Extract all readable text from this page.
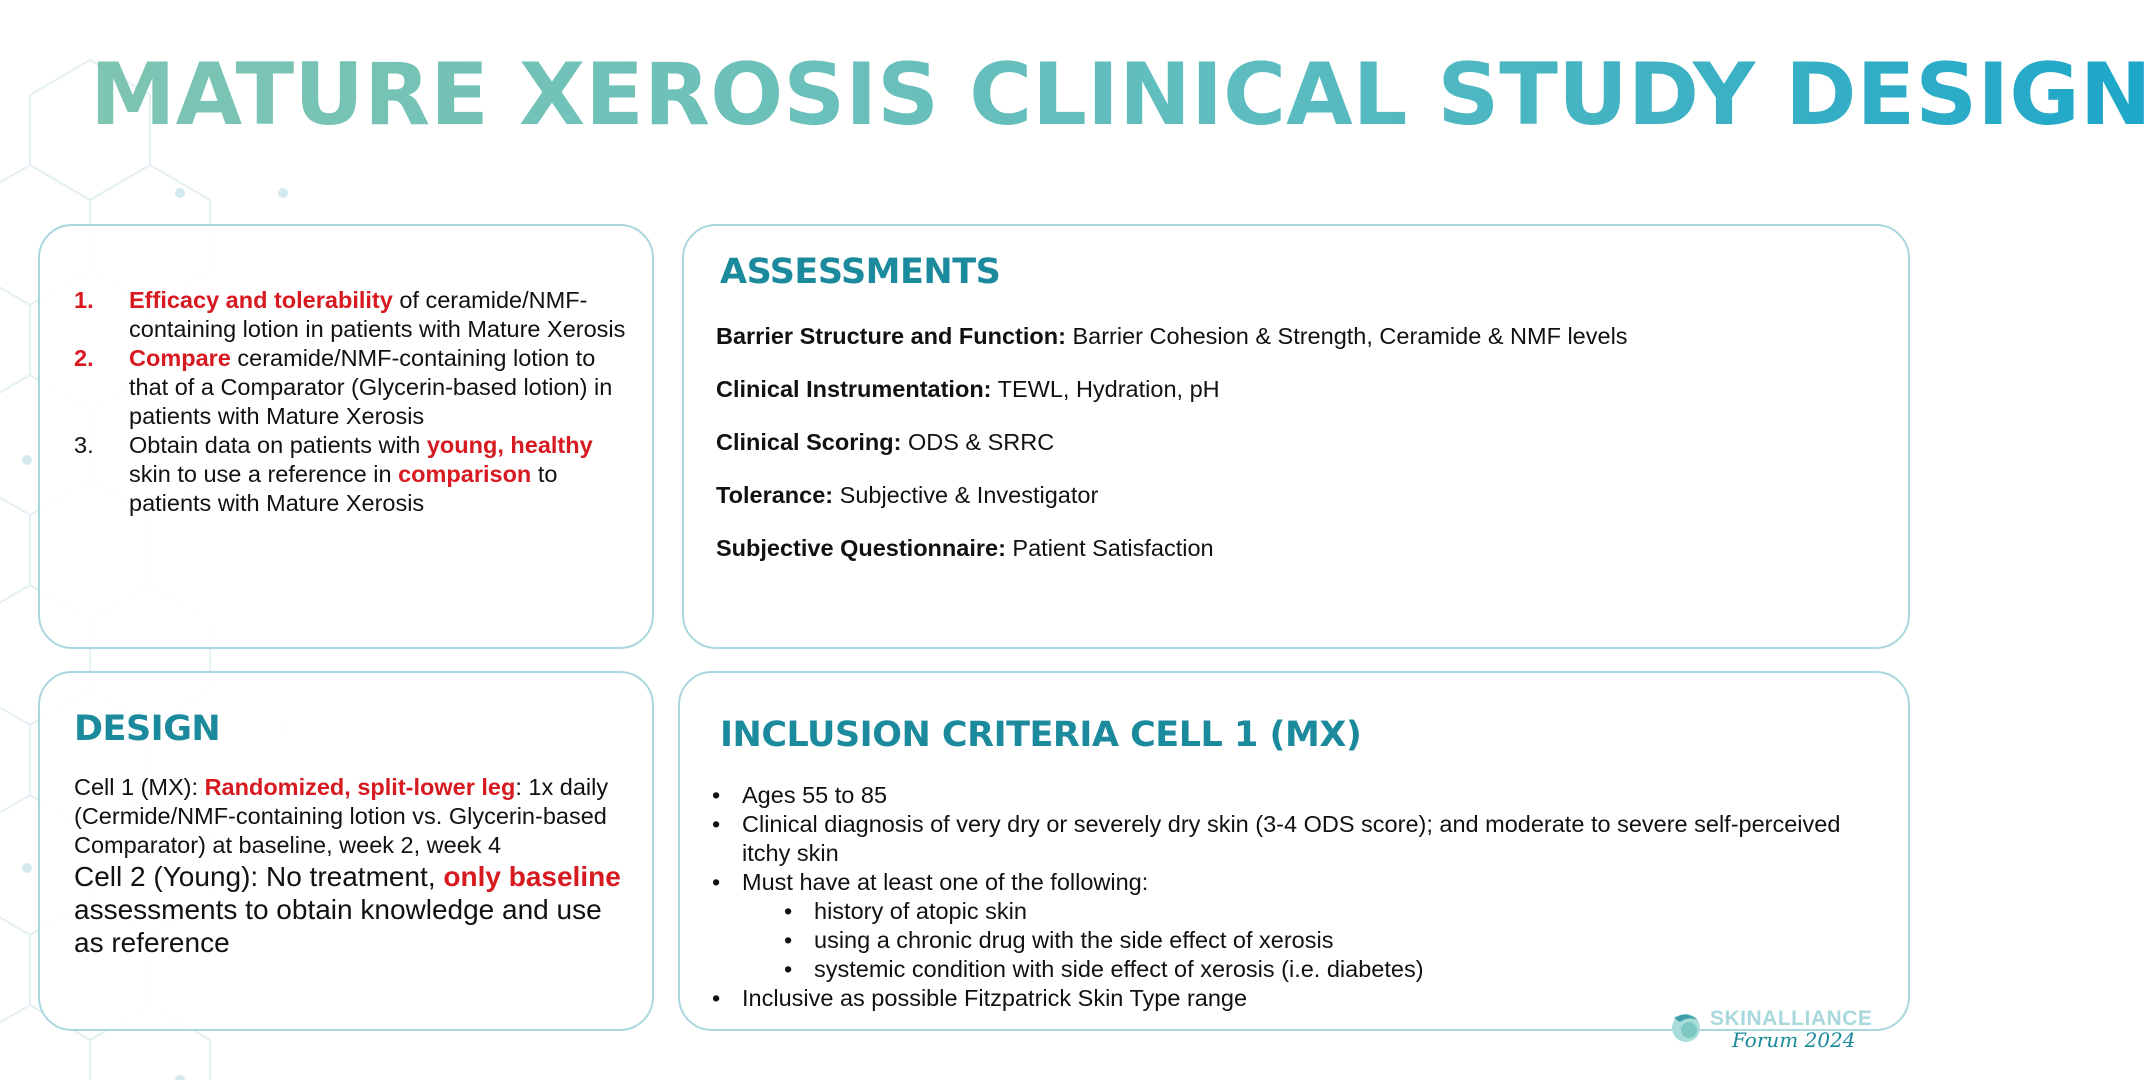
MATURE XEROSIS CLINICAL STUDY DESIGN
1. Efficacy and tolerability of ceramide/NMF-containing lotion in patients with Mature Xerosis
2. Compare ceramide/NMF-containing lotion to that of a Comparator (Glycerin-based lotion) in patients with Mature Xerosis
3. Obtain data on patients with young, healthy skin to use a reference in comparison to patients with Mature Xerosis
ASSESSMENTS
Barrier Structure and Function: Barrier Cohesion & Strength, Ceramide & NMF levels
Clinical Instrumentation: TEWL, Hydration, pH
Clinical Scoring: ODS & SRRC
Tolerance: Subjective & Investigator
Subjective Questionnaire: Patient Satisfaction
DESIGN
Cell 1 (MX): Randomized, split-lower leg: 1x daily (Cermide/NMF-containing lotion vs. Glycerin-based Comparator) at baseline, week 2, week 4
Cell 2 (Young): No treatment, only baseline assessments to obtain knowledge and use as reference
INCLUSION CRITERIA CELL 1 (MX)
• Ages 55 to 85
• Clinical diagnosis of very dry or severely dry skin (3-4 ODS score); and moderate to severe self-perceived itchy skin
• Must have at least one of the following:
• history of atopic skin
• using a chronic drug with the side effect of xerosis
• systemic condition with side effect of xerosis (i.e. diabetes)
• Inclusive as possible Fitzpatrick Skin Type range
SKINALLIANCE
Forum 2024
